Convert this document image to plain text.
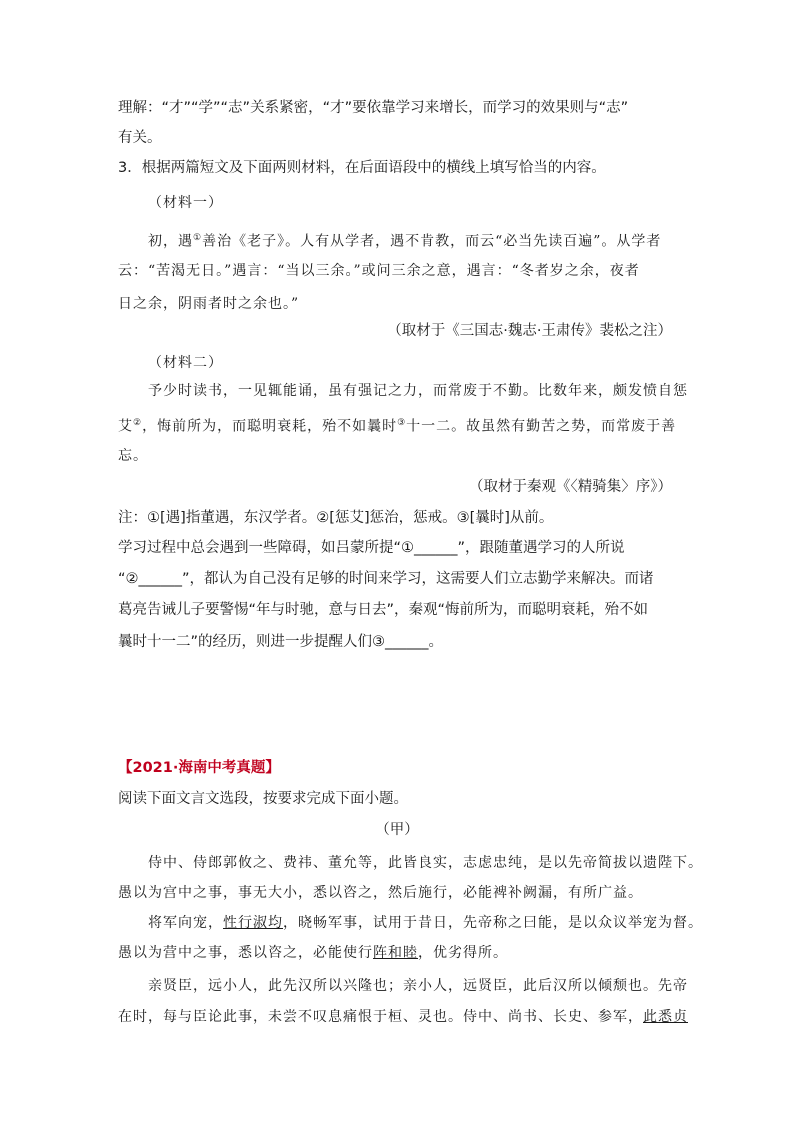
理解：“才”“学”“志”关系紧密，“才”要依靠学习来增长，而学习的效果则与“志”
有关。
3．根据两篇短文及下面两则材料，在后面语段中的横线上填写恰当的内容。
（材料一）
初，遇①善治《老子》。人有从学者，遇不肯教，而云“必当先读百遍”。从学者
云：“苦渴无日。”遇言：“当以三余。”或问三余之意，遇言：“冬者岁之余，夜者
日之余，阴雨者时之余也。”
（取材于《三国志·魏志·王肃传》裴松之注）
（材料二）
予少时读书，一见辄能诵，虽有强记之力，而常废于不勤。比数年来，颇发愤自惩
艾②，悔前所为，而聪明衰耗，殆不如曩时③十一二。故虽然有勤苦之势，而常废于善
忘。
（取材于秦观《〈精骑集〉序》）
注：①[遇]指董遇，东汉学者。②[惩艾]惩治，惩戒。③[曩时]从前。
学习过程中总会遇到一些障碍，如吕蒙所提“①______”，跟随董遇学习的人所说
“②______”，都认为自己没有足够的时间来学习，这需要人们立志勤学来解决。而诸
葛亮告诫儿子要警惕“年与时驰，意与日去”，秦观“悔前所为，而聪明衰耗，殆不如
曩时十一二”的经历，则进一步提醒人们③______。
【2021·海南中考真题】
阅读下面文言文选段，按要求完成下面小题。
（甲）
侍中、侍郎郭攸之、费祎、董允等，此皆良实，志虑忠纯，是以先帝简拔以遗陛下。
愚以为宫中之事，事无大小，悉以咨之，然后施行，必能裨补阙漏，有所广益。
将军向宠，性行淑均，晓畅军事，试用于昔日，先帝称之曰能，是以众议举宠为督。
愚以为营中之事，悉以咨之，必能使行阵和睦，优劣得所。
亲贤臣，远小人，此先汉所以兴隆也；亲小人，远贤臣，此后汉所以倾颓也。先帝
在时，每与臣论此事，未尝不叹息痛恨于桓、灵也。侍中、尚书、长史、参军，此悉贞
